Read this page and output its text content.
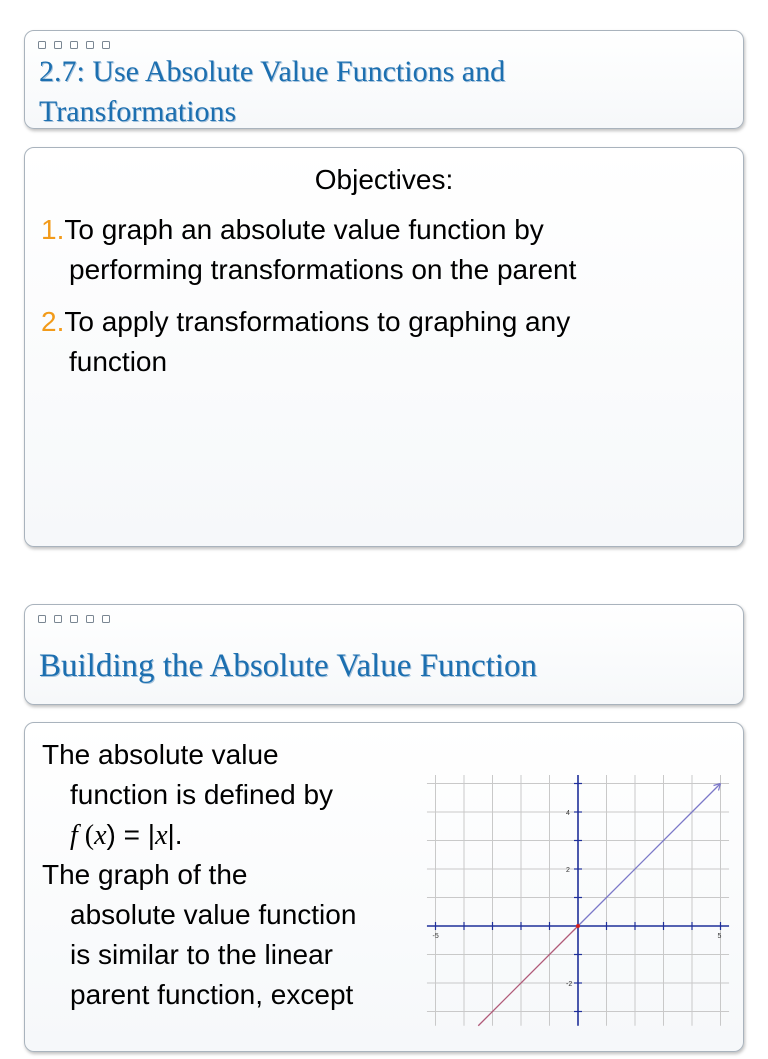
2.7: Use Absolute Value Functions and
Transformations
Objectives:
1.To graph an absolute value function by
performing transformations on the parent
2.To apply transformations to graphing any
function
Building the Absolute Value Function
The absolute value
function is defined by
f (x) = |x|.
The graph of the
absolute value function
is similar to the linear
parent function, except
-5	5
4
2
-2
